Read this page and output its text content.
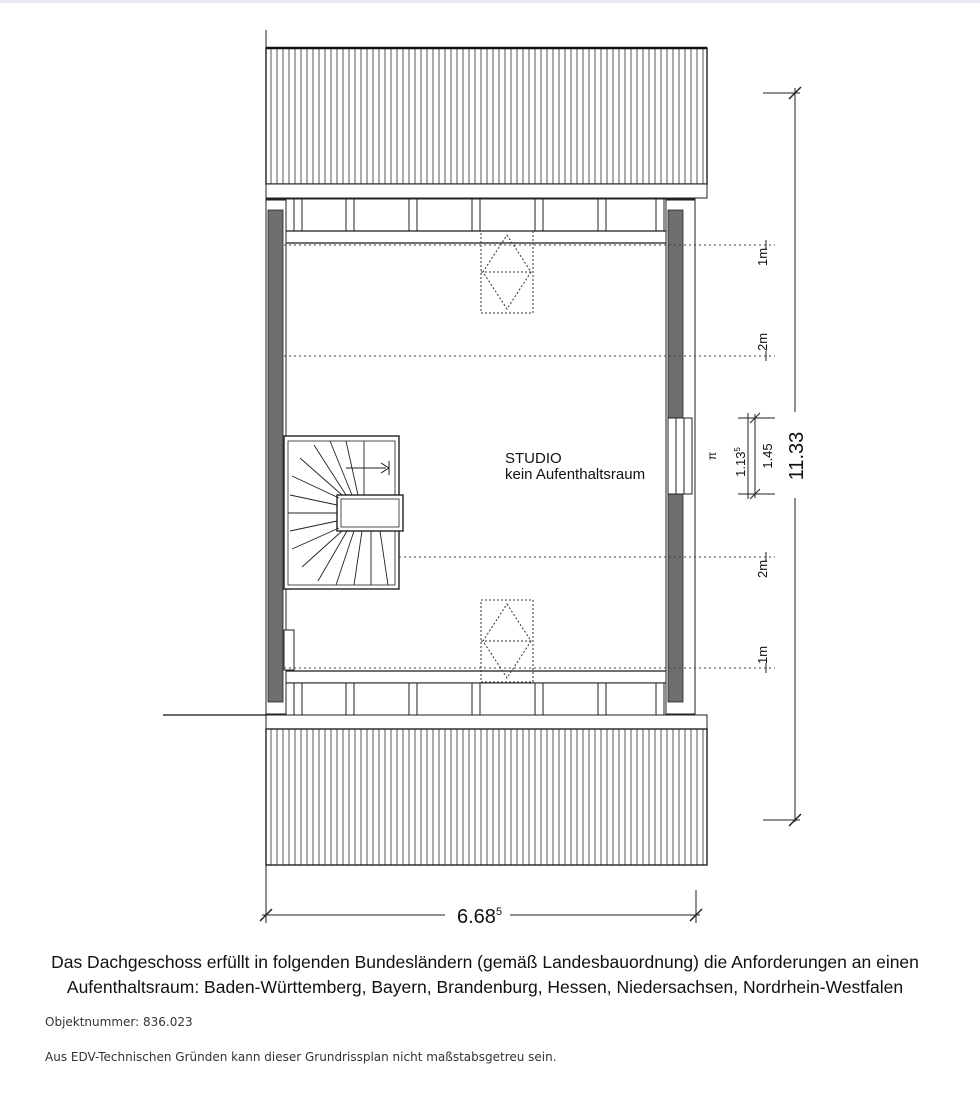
STUDIO
kein Aufenthaltsraum	11.33
1m
2m
2m
1m
1.45
1.13$^5$
π
6.68$^5$
Das Dachgeschoss erfüllt in folgenden Bundesländern (gemäß Landesbauordnung) die Anforderungen an einen
Aufenthaltsraum: Baden-Württemberg, Bayern, Brandenburg, Hessen, Niedersachsen, Nordrhein-Westfalen
Objektnummer: 836.023
Aus EDV-Technischen Gründen kann dieser Grundrissplan nicht maßstabsgetreu sein.
